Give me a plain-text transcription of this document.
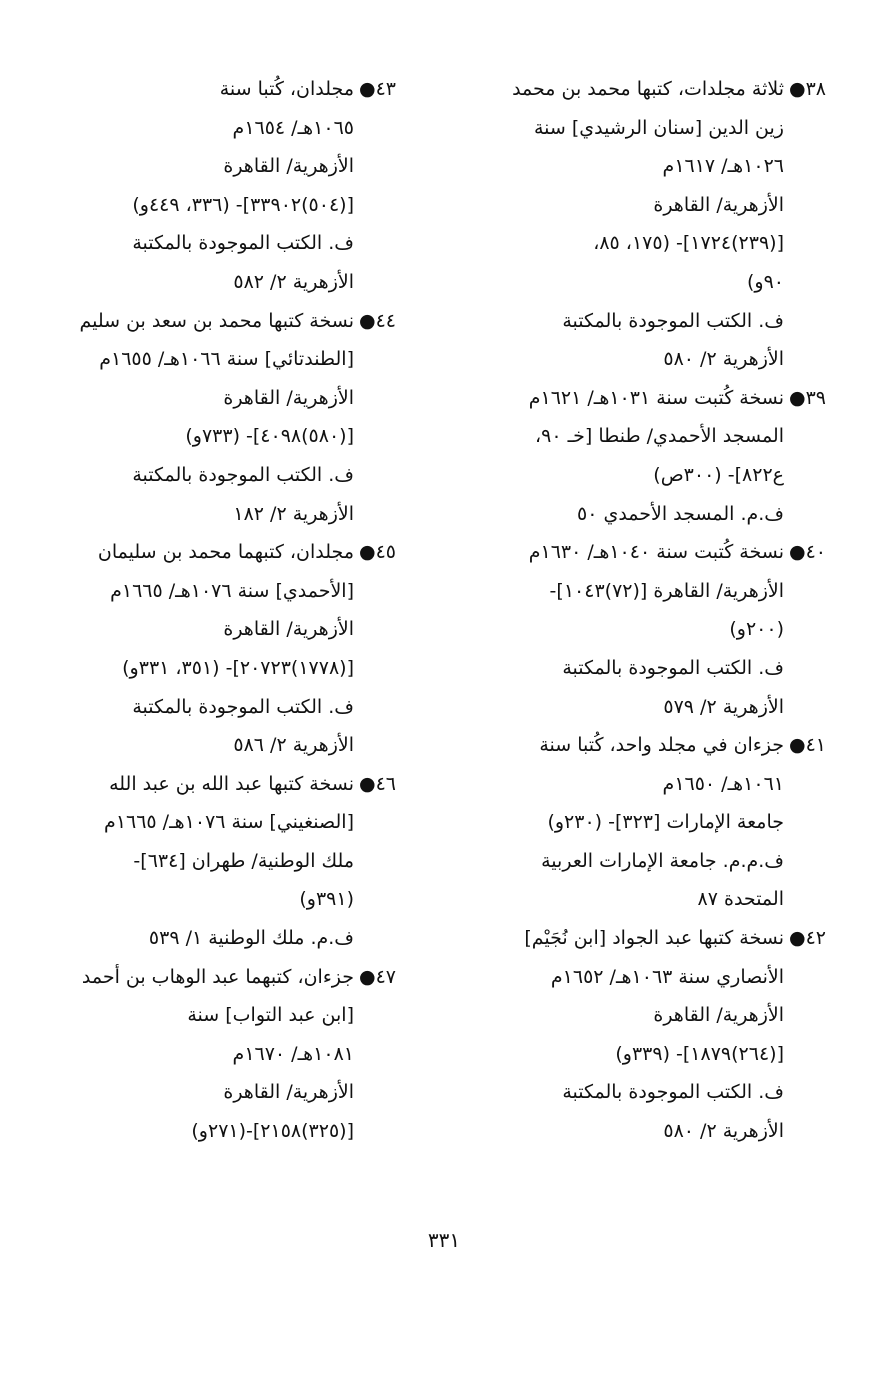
٣٨●
ثلاثة مجلدات، كتبها محمد بن محمد
زين الدين [سنان الرشيدي] سنة
١٠٢٦هـ/ ١٦١٧م
الأزهرية/ القاهرة
[(٢٣٩)١٧٢٤]- (١٧٥، ٨٥،
٩٠و)
ف. الكتب الموجودة بالمكتبة
الأزهرية ٢/ ٥٨٠
٣٩●
نسخة كُتبت سنة ١٠٣١هـ/ ١٦٢١م
المسجد الأحمدي/ طنطا [خـ ٩٠،
ع٨٢٢]- (٣٠٠ص)
ف.م. المسجد الأحمدي ٥٠
٤٠●
نسخة كُتبت سنة ١٠٤٠هـ/ ١٦٣٠م
الأزهرية/ القاهرة [(٧٢)١٠٤٣]-
(٢٠٠و)
ف. الكتب الموجودة بالمكتبة
الأزهرية ٢/ ٥٧٩
٤١●
جزءان في مجلد واحد، كُتبا سنة
١٠٦١هـ/ ١٦٥٠م
جامعة الإمارات [٣٢٣]- (٢٣٠و)
ف.م.م. جامعة الإمارات العربية
المتحدة ٨٧
٤٢●
نسخة كتبها عبد الجواد [ابن نُجَيْم]
الأنصاري سنة ١٠٦٣هـ/ ١٦٥٢م
الأزهرية/ القاهرة
[(٢٦٤)١٨٧٩]- (٣٣٩و)
ف. الكتب الموجودة بالمكتبة
الأزهرية ٢/ ٥٨٠
٤٣●
مجلدان، كُتبا سنة
١٠٦٥هـ/ ١٦٥٤م
الأزهرية/ القاهرة
[(٥٠٤)٣٣٩٠٢]- (٣٣٦، ٤٤٩و)
ف. الكتب الموجودة بالمكتبة
الأزهرية ٢/ ٥٨٢
٤٤●
نسخة كتبها محمد بن سعد بن سليم
[الطندتائي] سنة ١٠٦٦هـ/ ١٦٥٥م
الأزهرية/ القاهرة
[(٥٨٠)٤٠٩٨]- (٧٣٣و)
ف. الكتب الموجودة بالمكتبة
الأزهرية ٢/ ١٨٢
٤٥●
مجلدان، كتبهما محمد بن سليمان
[الأحمدي] سنة ١٠٧٦هـ/ ١٦٦٥م
الأزهرية/ القاهرة
[(١٧٧٨)٢٠٧٢٣]- (٣٥١، ٣٣١و)
ف. الكتب الموجودة بالمكتبة
الأزهرية ٢/ ٥٨٦
٤٦●
نسخة كتبها عبد الله بن عبد الله
[الصنغيني] سنة ١٠٧٦هـ/ ١٦٦٥م
ملك الوطنية/ طهران [٦٣٤]-
(٣٩١و)
ف.م. ملك الوطنية ١/ ٥٣٩
٤٧●
جزءان، كتبهما عبد الوهاب بن أحمد
[ابن عبد التواب] سنة
١٠٨١هـ/ ١٦٧٠م
الأزهرية/ القاهرة
[(٣٢٥)٢١٥٨]-(٢٧١و)
٣٣١
